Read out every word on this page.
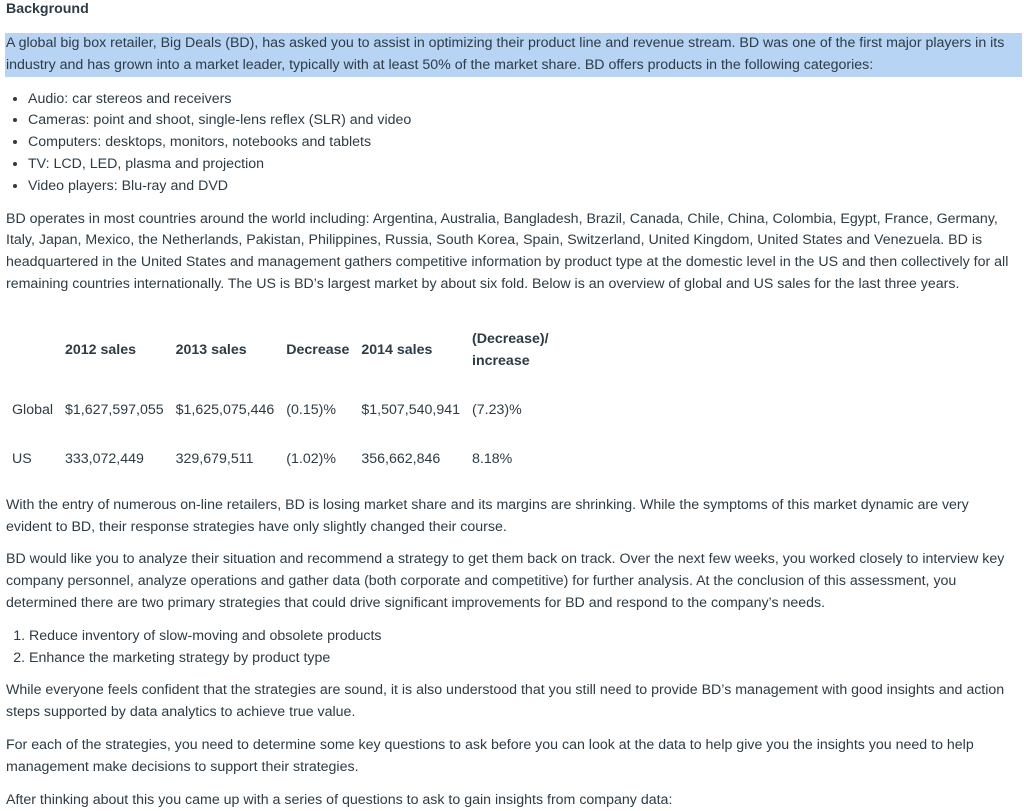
Background

A global big box retailer, Big Deals (BD), has asked you to assist in optimizing their product line and revenue stream. BD was one of the first major players in its industry and has grown into a market leader, typically with at least 50% of the market share. BD offers products in the following categories:

• Audio: car stereos and receivers
• Cameras: point and shoot, single-lens reflex (SLR) and video
• Computers: desktops, monitors, notebooks and tablets
• TV: LCD, LED, plasma and projection
• Video players: Blu-ray and DVD

BD operates in most countries around the world including: Argentina, Australia, Bangladesh, Brazil, Canada, Chile, China, Colombia, Egypt, France, Germany, Italy, Japan, Mexico, the Netherlands, Pakistan, Philippines, Russia, South Korea, Spain, Switzerland, United Kingdom, United States and Venezuela. BD is headquartered in the United States and management gathers competitive information by product type at the domestic level in the US and then collectively for all remaining countries internationally. The US is BD’s largest market by about six fold. Below is an overview of global and US sales for the last three years.

	2012 sales	2013 sales	Decrease	2014 sales	(Decrease)/ increase
Global	$1,627,597,055	$1,625,075,446	(0.15)%	$1,507,540,941	(7.23)%
US	333,072,449	329,679,511	(1.02)%	356,662,846	8.18%

With the entry of numerous on-line retailers, BD is losing market share and its margins are shrinking. While the symptoms of this market dynamic are very evident to BD, their response strategies have only slightly changed their course.

BD would like you to analyze their situation and recommend a strategy to get them back on track. Over the next few weeks, you worked closely to interview key company personnel, analyze operations and gather data (both corporate and competitive) for further analysis. At the conclusion of this assessment, you determined there are two primary strategies that could drive significant improvements for BD and respond to the company’s needs.

1. Reduce inventory of slow-moving and obsolete products
2. Enhance the marketing strategy by product type

While everyone feels confident that the strategies are sound, it is also understood that you still need to provide BD’s management with good insights and action steps supported by data analytics to achieve true value.

For each of the strategies, you need to determine some key questions to ask before you can look at the data to help give you the insights you need to help management make decisions to support their strategies.

After thinking about this you came up with a series of questions to ask to gain insights from company data:
